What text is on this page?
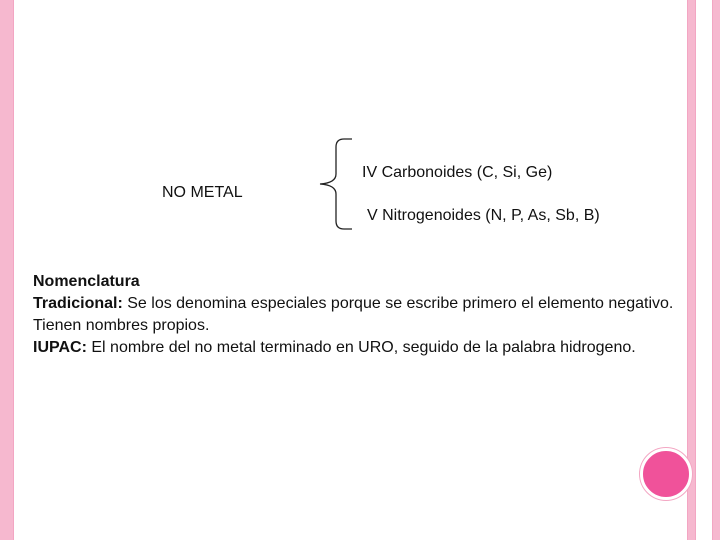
NO METAL
IV Carbonoides (C, Si, Ge)
V Nitrogenoides (N, P, As, Sb, B)
Nomenclatura
Tradicional: Se los denomina especiales porque se escribe primero el elemento negativo. Tienen nombres propios.
IUPAC: El nombre del no metal terminado en URO, seguido de la palabra hidrogeno.
